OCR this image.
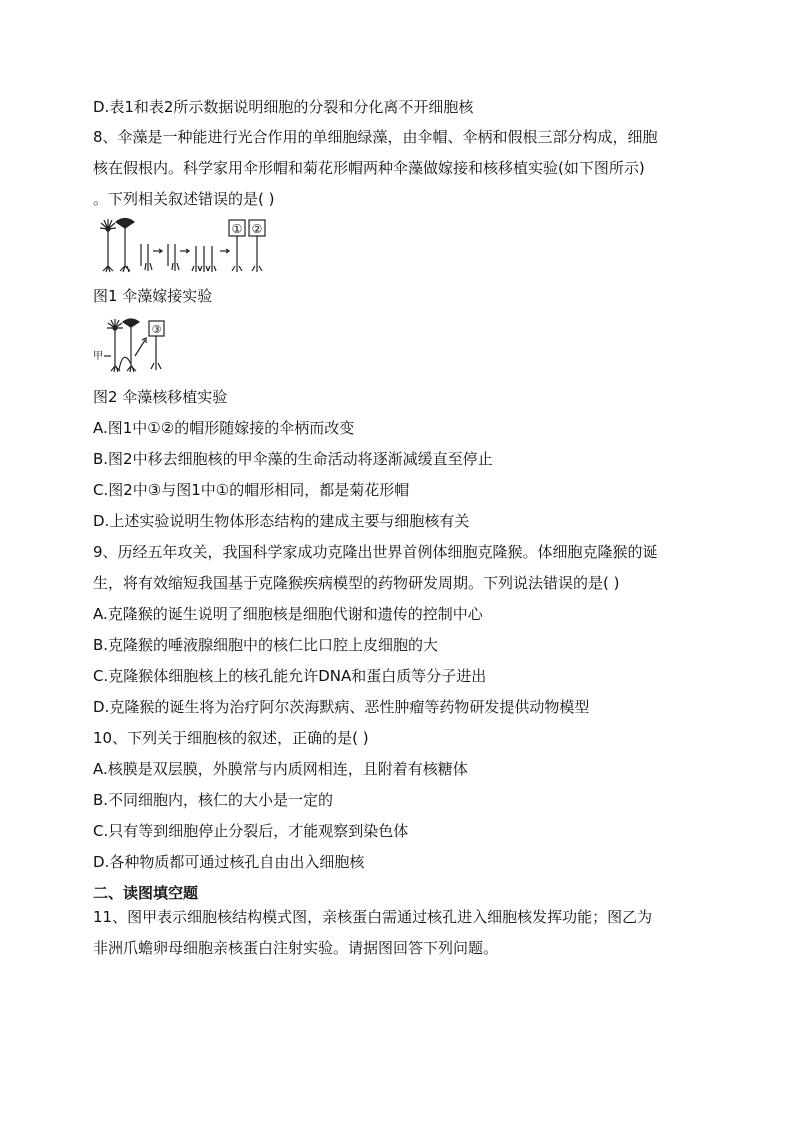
D.表1和表2所示数据说明细胞的分裂和分化离不开细胞核
8、伞藻是一种能进行光合作用的单细胞绿藻，由伞帽、伞柄和假根三部分构成，细胞
核在假根内。科学家用伞形帽和菊花形帽两种伞藻做嫁接和核移植实验(如下图所示)
。下列相关叙述错误的是( )
① ②
图1 伞藻嫁接实验
甲
③
图2 伞藻核移植实验
A.图1中①②的帽形随嫁接的伞柄而改变
B.图2中移去细胞核的甲伞藻的生命活动将逐渐减缓直至停止
C.图2中③与图1中①的帽形相同，都是菊花形帽
D.上述实验说明生物体形态结构的建成主要与细胞核有关
9、历经五年攻关，我国科学家成功克隆出世界首例体细胞克隆猴。体细胞克隆猴的诞
生，将有效缩短我国基于克隆猴疾病模型的药物研发周期。下列说法错误的是( )
A.克隆猴的诞生说明了细胞核是细胞代谢和遗传的控制中心
B.克隆猴的唾液腺细胞中的核仁比口腔上皮细胞的大
C.克隆猴体细胞核上的核孔能允许DNA和蛋白质等分子进出
D.克隆猴的诞生将为治疗阿尔茨海默病、恶性肿瘤等药物研发提供动物模型
10、下列关于细胞核的叙述，正确的是( )
A.核膜是双层膜，外膜常与内质网相连，且附着有核糖体
B.不同细胞内，核仁的大小是一定的
C.只有等到细胞停止分裂后，才能观察到染色体
D.各种物质都可通过核孔自由出入细胞核
二、读图填空题
11、图甲表示细胞核结构模式图，亲核蛋白需通过核孔进入细胞核发挥功能；图乙为
非洲爪蟾卵母细胞亲核蛋白注射实验。请据图回答下列问题。
